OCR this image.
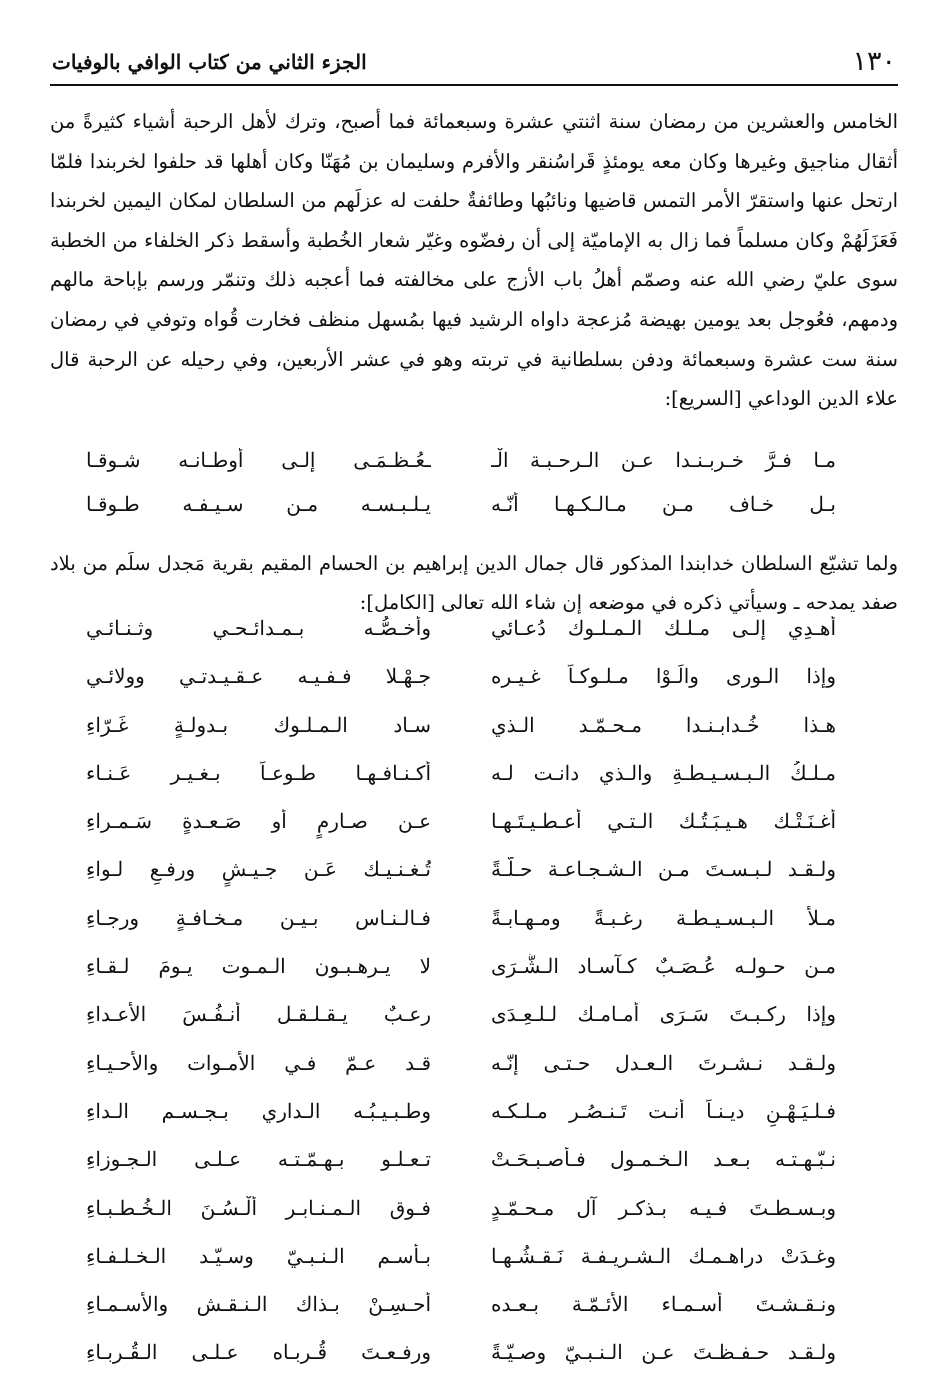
١٣٠
الجزء الثاني من كتاب الوافي بالوفيات

الخامس والعشرين من رمضان سنة اثنتي عشرة وسبعمائة فما أصبح، وترك لأهل الرحبة أشياء كثيرةً من أثقال مناجيق وغيرها وكان معه يومئذٍ قَراسُنقر والأفرم وسليمان بن مُهَنّا وكان أهلها قد حلفوا لخربندا فلمّا ارتحل عنها واستقرّ الأمر التمس قاضيها ونائبُها وطائفةٌ حلفت له عزلَهم من السلطان لمكان اليمين لخربندا فَعَزَلَهُمْ وكان مسلماً فما زال به الإماميّة إلى أن رفضّوه وغيّر شعار الخُطبة وأسقط ذكر الخلفاء من الخطبة سوى عليّ رضي الله عنه وصمّم أهلُ باب الأزج على مخالفته فما أعجبه ذلك وتنمّر ورسم بإباحة مالهم ودمهم، فعُوجل بعد يومين بهيضة مُزعجة داواه الرشيد فيها بمُسهل منظف فخارت قُواه وتوفي في رمضان سنة ست عشرة وسبعمائة ودفن بسلطانية في تربته وهو في عشر الأربعين، وفي رحيله عن الرحبة قال علاء الدين الوداعي [السريع]:

مـا فـرَّ خـربـنـدا عـن الـرحـبـة الْـ
ـعُـظـمَـى إلـى أوطـانـه شـوقـا
بـل خـاف مـن مـالـكـهـا أنّـه
يـلـبـسـه مـن سـيـفـه طـوقـا

ولما تشيّع السلطان خدابندا المذكور قال جمال الدين إبراهيم بن الحسام المقيم بقرية مَجدل سلَم من بلاد صفد يمدحه ـ وسيأتي ذكره في موضعه إن شاء الله تعالى [الكامل]:

أهـدِي إلـى مـلـك الـمـلـوك دُعـائي
وأخـصُّـه بـمـدائـحـي وثـنـائـي
وإذا الـورى والَـوْا مـلـوكـاً غـيـره
جـهْـلا فـفـيـه عـقـيـدتـي وولائـي
هـذا خُـدابـنـدا مـحـمّـد الـذي
سـاد الـمـلـوك بـدولـةٍ غَـرّاءِ
مـلـكُ الـبـسـيـطـةِ والـذي دانـت لـه
أكـنـافـهـا طـوعـاً بـغـيـر عَـنـاء
أغـنَـتْـك هـيـبَـتُـك الـتـي أُعـطـيـتَـهـا
عـن صـارمٍ أو صَـعـدةٍ سَـمـراءِ
ولـقـد لـبـسـتَ مـن الـشـجـاعـة حـلّـةً
تُـغـنـيـك عَـن جـيـشٍ ورفـعِ لـواءِ
مـلأ الـبـسـيـطـة رغـبـةً ومـهـابـةً
فـالـنـاس بـيـن مـخـافـةٍ ورجـاءِ
مـن حـولـه عُـصَـبٌ كـآسـاد الـشَّـرَى
لا يـرهـبـون الـمـوت يـومَ لـقـاءِ
وإذا ركـبـتَ سَـرَى أمـامـك لـلـعِـدَى
رعـبٌ يـقـلـقـل أنـفُـسَ الأعـداءِ
ولـقـد نـشـرتَ الـعـدل حـتـى إنّـه
قـد عـمّ فـي الأمـوات والأحـيـاءِ
فـلـيَـهْـنِ ديـنـاً أنـت تَـنـصُـر مـلـكـه
وطـبـيـبُـه الـداري بـجـسـم الـداءِ
نـبّـهـتـه بـعـد الـخـمـول فـأصـبـحَـتْ
تـعـلـو بـهـمّـتـه عـلـى الـجـوزاءِ
وبـسـطـتَ فـيـه بـذكـر آل مـحـمّـدٍ
فـوق الـمـنـابـر ألْـسُـنَ الـخُـطـبـاءِ
وغـدَتْ دراهـمـك الـشـريـفـة نَـقـشُـهـا
بـأسـم الـنـبـيّ وسـيّـد الـخـلـفـاءِ
ونـقـشـتَ أسـمـاء الأئـمّـة بـعـده
أحـسِـنْ بـذاك الـنـقـش والأسـمـاءِ
ولـقـد حـفـظـتَ عـن الـنـبـيّ وصـيّـةً
ورفـعـتَ قُـربـاه عـلـى الـقُـربـاءِ
